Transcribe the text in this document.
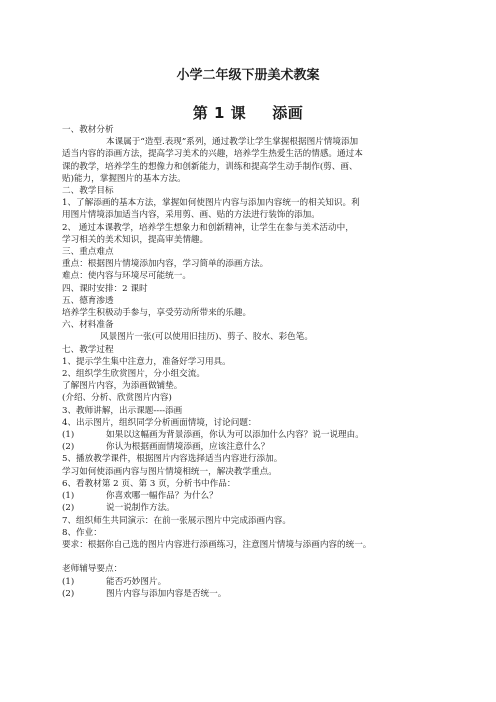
小学二年级下册美术教案
第 1 课 添画

一、教材分析

本课属于“造型.表现”系列，通过教学让学生掌握根据图片情境添加

适当内容的添画方法，提高学习美术的兴趣，培养学生热爱生活的情感。通过本

课的教学，培养学生的想像力和创新能力，训练和提高学生动手制作(剪、画、

贴)能力，掌握图片的基本方法。

二、教学目标

1、了解添画的基本方法，掌握如何使图片内容与添加内容统一的相关知识。利

用图片情境添加适当内容，采用剪、画、贴的方法进行装饰的添加。

2、 通过本课教学，培养学生想象力和创新精神，让学生在参与美术活动中，

学习相关的美术知识，提高审美情趣。

三、重点难点

重点：根据图片情境添加内容，学习简单的添画方法。

难点：使内容与环境尽可能统一。

四、课时安排：2 课时

五、德育渗透

培养学生积极动手参与，享受劳动所带来的乐趣。

六、材料准备

风景图片一张(可以使用旧挂历)、剪子、胶水、彩色笔。

七、教学过程

1、提示学生集中注意力，准备好学习用具。

2、组织学生欣赏图片，分小组交流。

了解图片内容，为添画做铺垫。

(介绍、分析、欣赏图片内容)

3、教师讲解，出示课题----添画

4、出示图片，组织同学分析画面情境，讨论问题：

(1)	如果以这幅画为背景添画，你认为可以添加什么内容？说一说理由。

(2)	你认为根据画面情境添画，应该注意什么？

5、播放教学课件，根据图片内容选择适当内容进行添加。

学习如何使添画内容与图片情境相统一，解决教学重点。

6、看教材第 2 页、第 3 页，分析书中作品：

(1)	你喜欢哪一幅作品？为什么？

(2)	说一说制作方法。

7、组织师生共同演示：在前一张展示图片中完成添画内容。

8、作业：

要求：根据你自己选的图片内容进行添画练习，注意图片情境与添画内容的统一。

老师辅导要点：

(1)	能否巧妙图片。

(2)	图片内容与添加内容是否统一。
